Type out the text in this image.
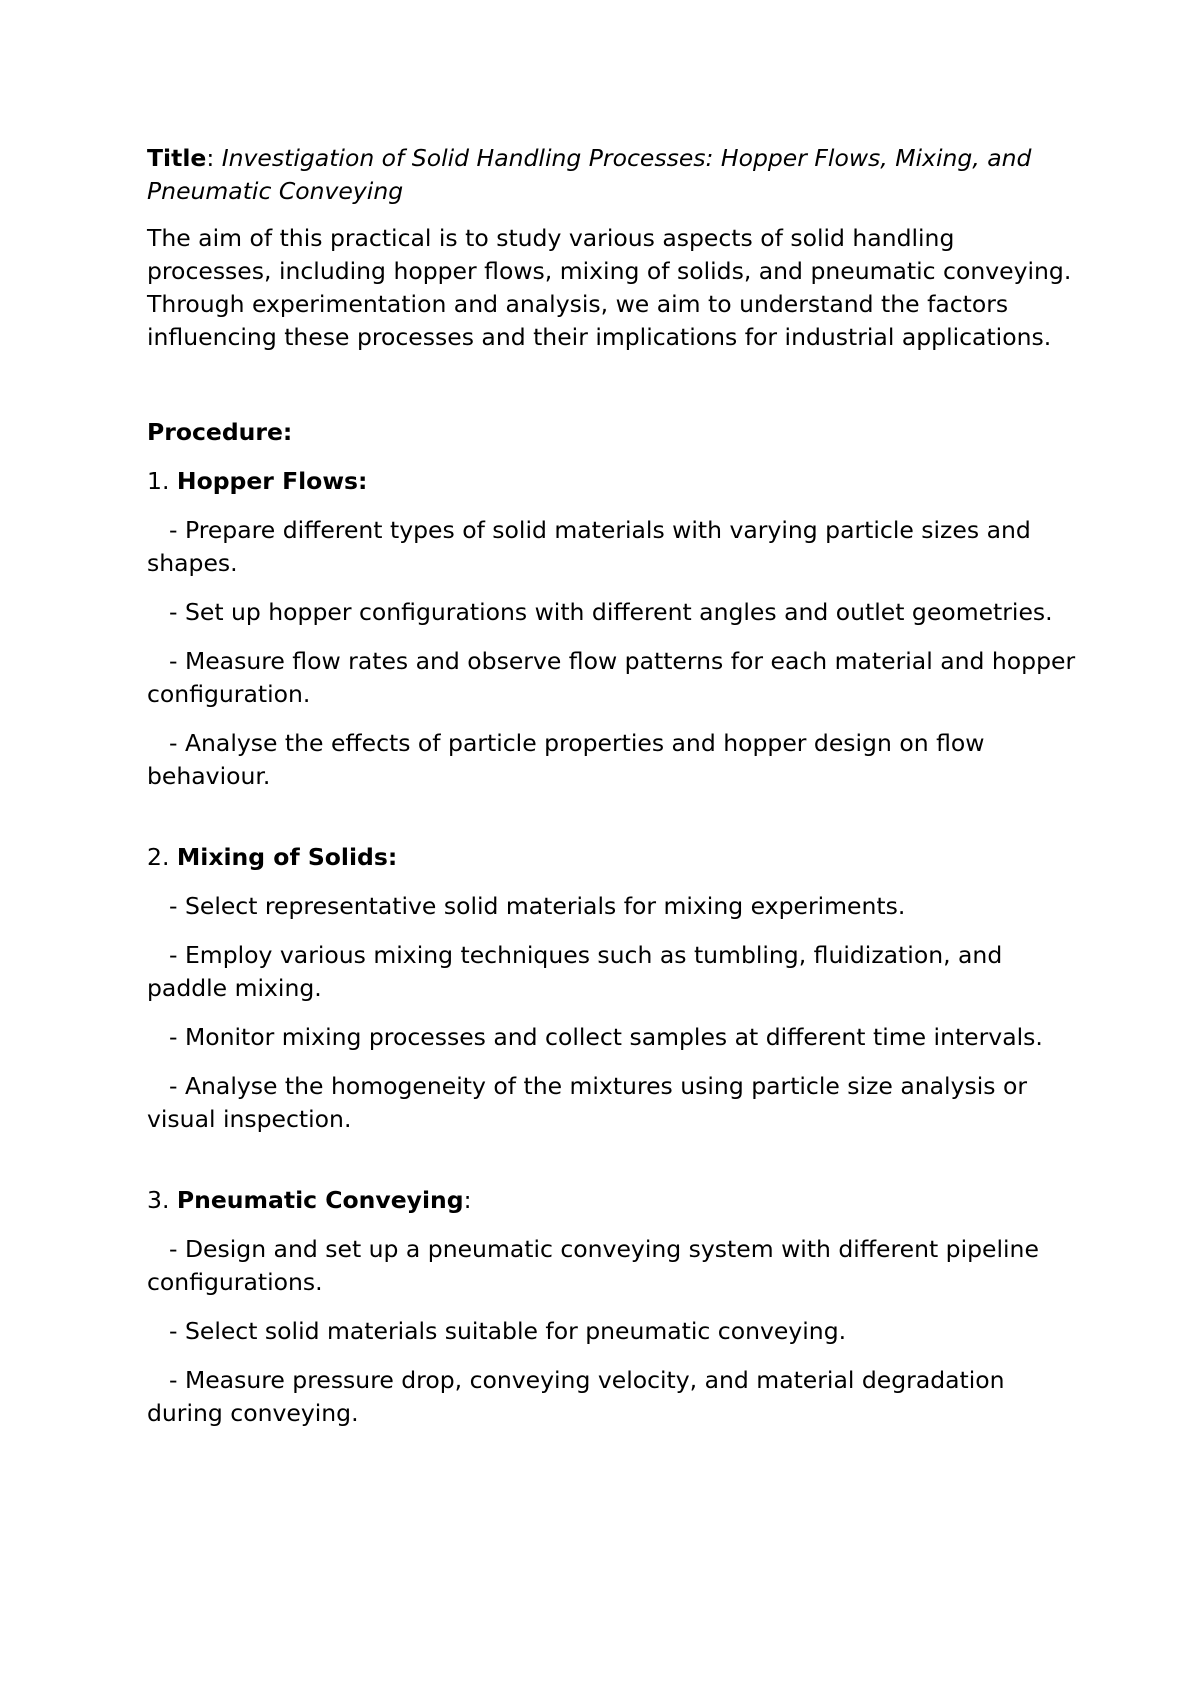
Title: Investigation of Solid Handling Processes: Hopper Flows, Mixing, and Pneumatic Conveying

The aim of this practical is to study various aspects of solid handling processes, including hopper flows, mixing of solids, and pneumatic conveying. Through experimentation and analysis, we aim to understand the factors influencing these processes and their implications for industrial applications.

Procedure:

1. Hopper Flows:

- Prepare different types of solid materials with varying particle sizes and shapes.

- Set up hopper configurations with different angles and outlet geometries.

- Measure flow rates and observe flow patterns for each material and hopper configuration.

- Analyse the effects of particle properties and hopper design on flow behaviour.

2. Mixing of Solids:

- Select representative solid materials for mixing experiments.

- Employ various mixing techniques such as tumbling, fluidization, and paddle mixing.

- Monitor mixing processes and collect samples at different time intervals.

- Analyse the homogeneity of the mixtures using particle size analysis or visual inspection.

3. Pneumatic Conveying:

- Design and set up a pneumatic conveying system with different pipeline configurations.

- Select solid materials suitable for pneumatic conveying.

- Measure pressure drop, conveying velocity, and material degradation during conveying.
